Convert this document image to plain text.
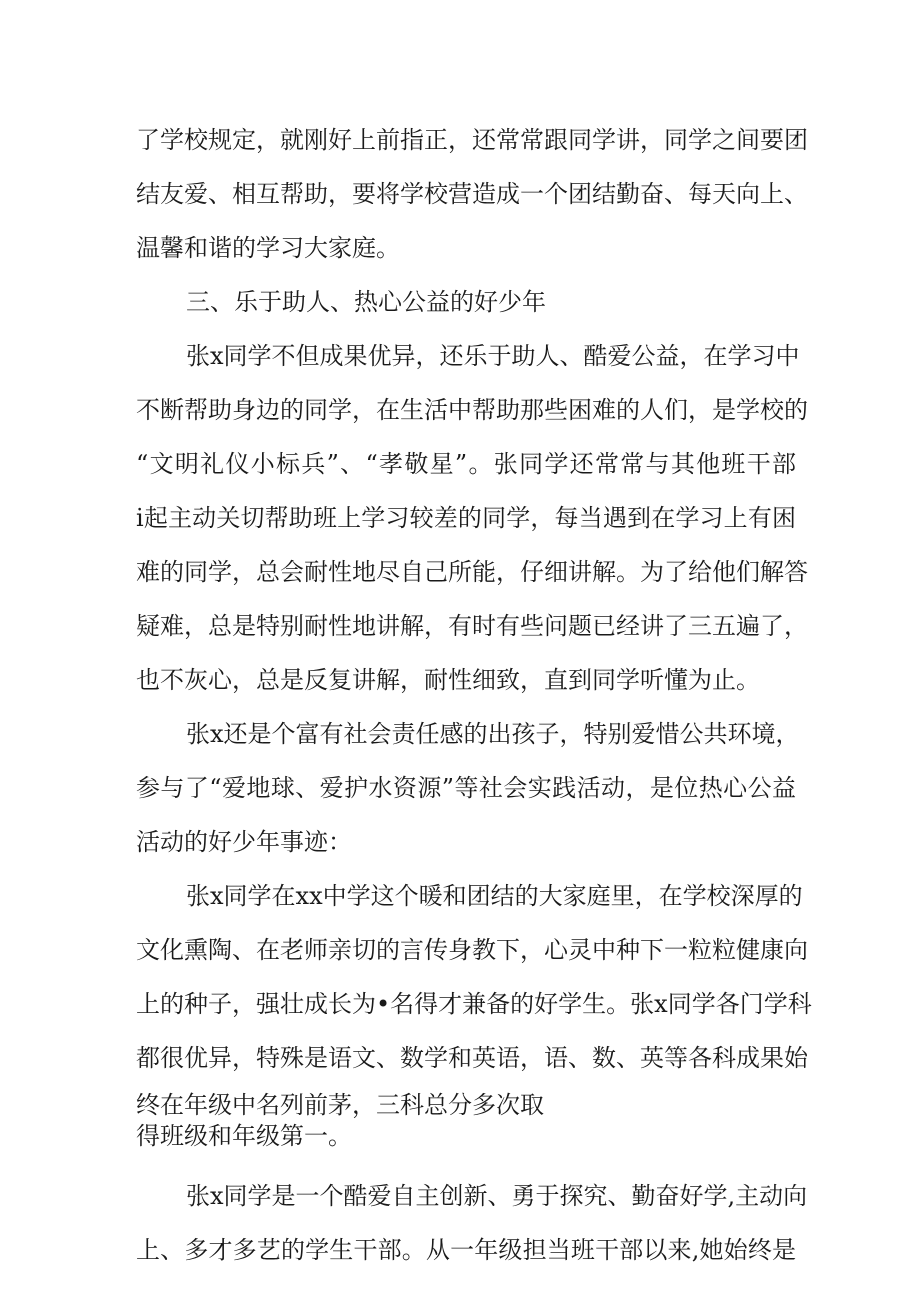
了学校规定，就刚好上前指正，还常常跟同学讲，同学之间要团
结友爱、相互帮助，要将学校营造成一个团结勤奋、每天向上、
温馨和谐的学习大家庭。
三、乐于助人、热心公益的好少年
张x同学不但成果优异，还乐于助人、酷爱公益，在学习中
不断帮助身边的同学，在生活中帮助那些困难的人们，是学校的
“文明礼仪小标兵”、“孝敬星”。张同学还常常与其他班干部
i起主动关切帮助班上学习较差的同学，每当遇到在学习上有困
难的同学，总会耐性地尽自己所能，仔细讲解。为了给他们解答
疑难，总是特别耐性地讲解，有时有些问题已经讲了三五遍了，
也不灰心，总是反复讲解，耐性细致，直到同学听懂为止。
张x还是个富有社会责任感的出孩子，特别爱惜公共环境，
参与了“爱地球、爱护水资源”等社会实践活动，是位热心公益
活动的好少年事迹：
张x同学在xx中学这个暖和团结的大家庭里，在学校深厚的
文化熏陶、在老师亲切的言传身教下，心灵中种下一粒粒健康向
上的种子，强壮成长为•名得才兼备的好学生。张x同学各门学科
都很优异，特殊是语文、数学和英语，语、数、英等各科成果始
终在年级中名列前茅，三科总分多次取
得班级和年级第一。
张x同学是一个酷爱自主创新、勇于探究、勤奋好学,主动向
上、多才多艺的学生干部。从一年级担当班干部以来,她始终是
